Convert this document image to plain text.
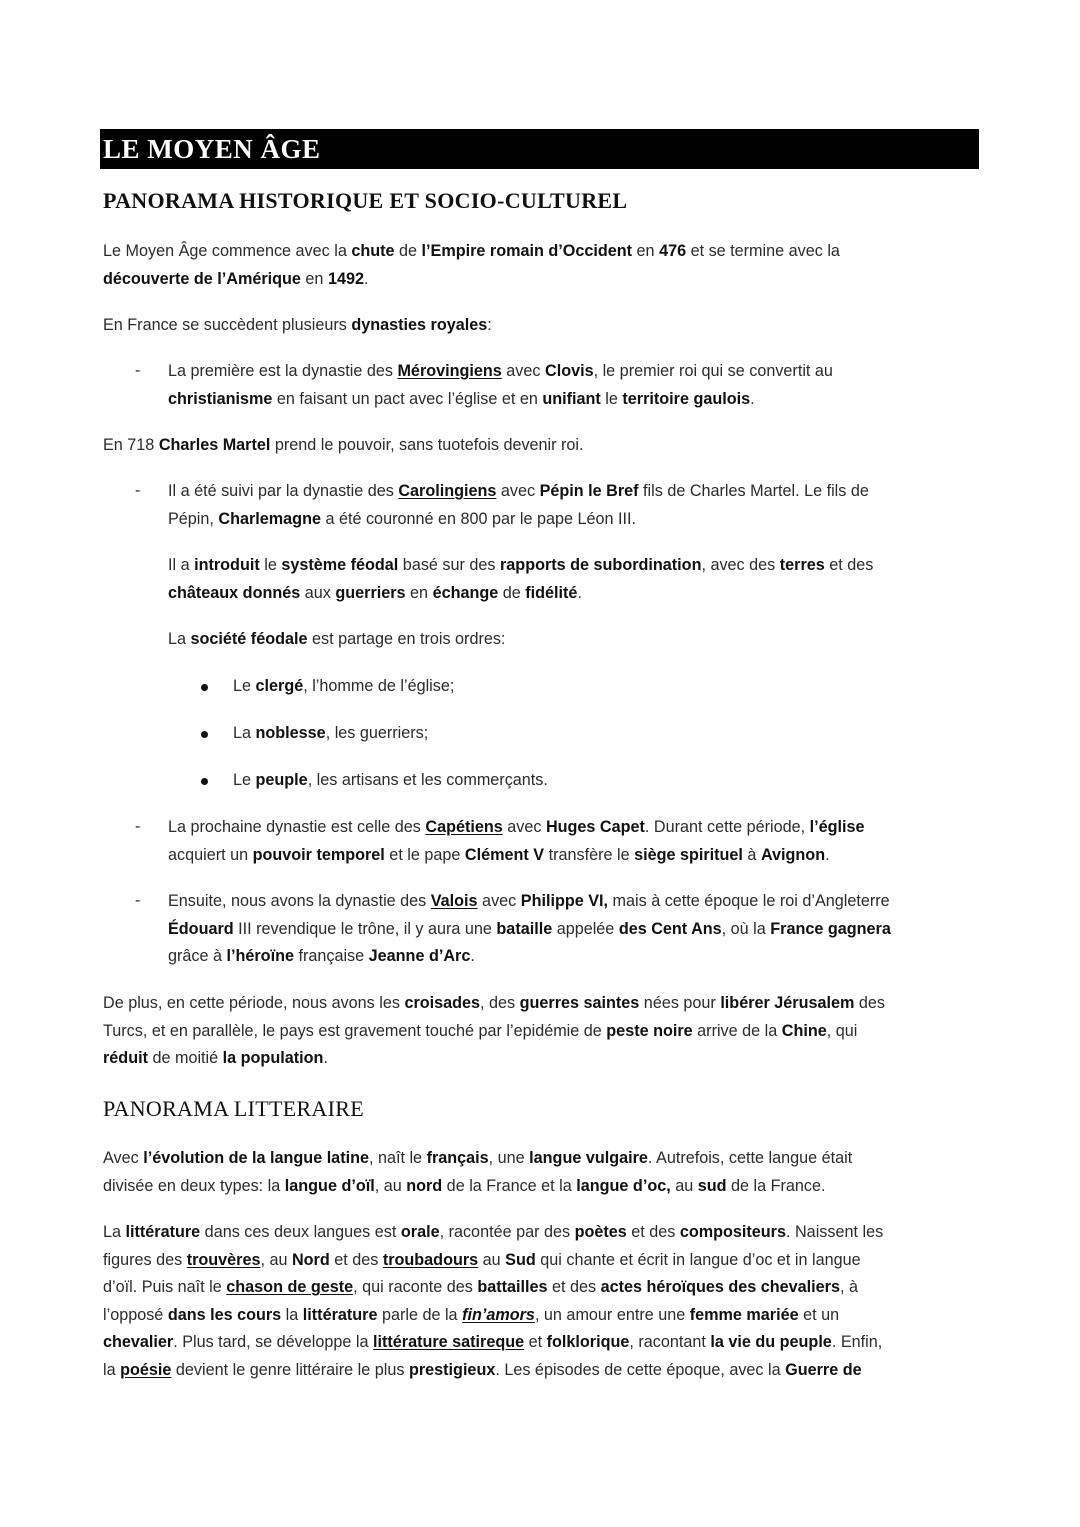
LE MOYEN ÂGE
PANORAMA HISTORIQUE ET SOCIO-CULTUREL
Le Moyen Âge commence avec la chute de l’Empire romain d’Occident en 476 et se termine avec la
découverte de l’Amérique en 1492.
En France se succèdent plusieurs dynasties royales:
- La première est la dynastie des Mérovingiens avec Clovis, le premier roi qui se convertit au
christianisme en faisant un pact avec l’église et en unifiant le territoire gaulois.
En 718 Charles Martel prend le pouvoir, sans tuotefois devenir roi.
- Il a été suivi par la dynastie des Carolingiens avec Pépin le Bref fils de Charles Martel. Le fils de
Pépin, Charlemagne a été couronné en 800 par le pape Léon III.
Il a introduit le système féodal basé sur des rapports de subordination, avec des terres et des
châteaux donnés aux guerriers en échange de fidélité.
La société féodale est partage en trois ordres:
Le clergé, l’homme de l’église;
La noblesse, les guerriers;
Le peuple, les artisans et les commerçants.
- La prochaine dynastie est celle des Capétiens avec Huges Capet. Durant cette période, l’église
acquiert un pouvoir temporel et le pape Clément V transfère le siège spirituel à Avignon.
- Ensuite, nous avons la dynastie des Valois avec Philippe VI, mais à cette époque le roi d’Angleterre
Édouard III revendique le trône, il y aura une bataille appelée des Cent Ans, où la France gagnera
grâce à l’héroïne française Jeanne d’Arc.
De plus, en cette période, nous avons les croisades, des guerres saintes nées pour libérer Jérusalem des
Turcs, et en parallèle, le pays est gravement touché par l’epidémie de peste noire arrive de la Chine, qui
réduit de moitié la population.
PANORAMA LITTERAIRE
Avec l’évolution de la langue latine, naît le français, une langue vulgaire. Autrefois, cette langue était
divisée en deux types: la langue d’oïl, au nord de la France et la langue d’oc, au sud de la France.
La littérature dans ces deux langues est orale, racontée par des poètes et des compositeurs. Naissent les
figures des trouvères, au Nord et des troubadours au Sud qui chante et écrit in langue d’oc et in langue
d’oïl. Puis naît le chason de geste, qui raconte des battailles et des actes héroïques des chevaliers, à
l’opposé dans les cours la littérature parle de la fin’amors, un amour entre une femme mariée et un
chevalier. Plus tard, se développe la littérature satireque et folklorique, racontant la vie du peuple. Enfin,
la poésie devient le genre littéraire le plus prestigieux. Les épisodes de cette époque, avec la Guerre de
